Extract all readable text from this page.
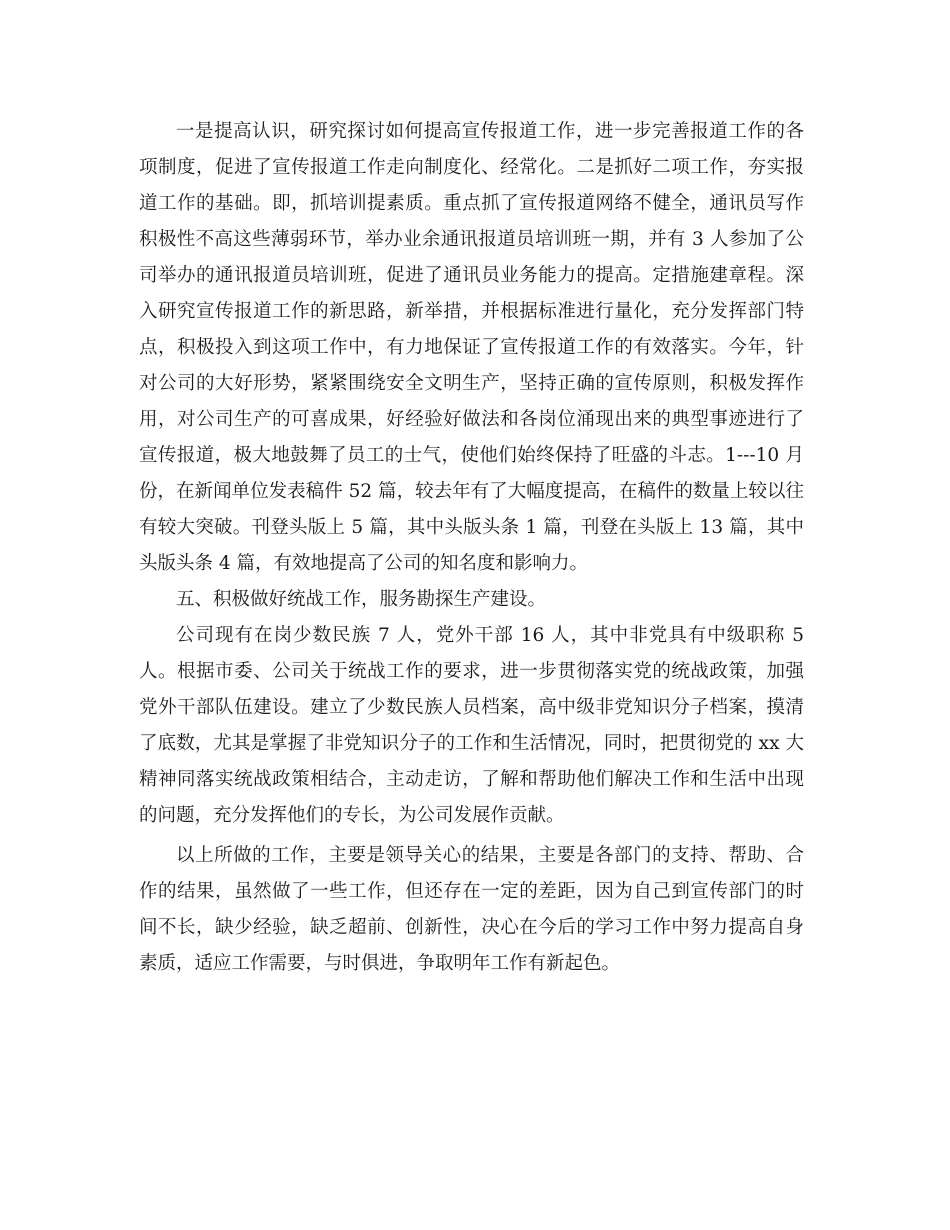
一是提高认识，研究探讨如何提高宣传报道工作，进一步完善报道工作的各项制度，促进了宣传报道工作走向制度化、经常化。二是抓好二项工作，夯实报道工作的基础。即，抓培训提素质。重点抓了宣传报道网络不健全，通讯员写作积极性不高这些薄弱环节，举办业余通讯报道员培训班一期，并有 3 人参加了公司举办的通讯报道员培训班，促进了通讯员业务能力的提高。定措施建章程。深入研究宣传报道工作的新思路，新举措，并根据标准进行量化，充分发挥部门特点，积极投入到这项工作中，有力地保证了宣传报道工作的有效落实。今年，针对公司的大好形势，紧紧围绕安全文明生产，坚持正确的宣传原则，积极发挥作用，对公司生产的可喜成果，好经验好做法和各岗位涌现出来的典型事迹进行了宣传报道，极大地鼓舞了员工的士气，使他们始终保持了旺盛的斗志。1---10 月份，在新闻单位发表稿件 52 篇，较去年有了大幅度提高，在稿件的数量上较以往有较大突破。刊登头版上 5 篇，其中头版头条 1 篇，刊登在头版上 13 篇，其中头版头条 4 篇，有效地提高了公司的知名度和影响力。

五、积极做好统战工作，服务勘探生产建设。

公司现有在岗少数民族 7 人，党外干部 16 人，其中非党具有中级职称 5 人。根据市委、公司关于统战工作的要求，进一步贯彻落实党的统战政策，加强党外干部队伍建设。建立了少数民族人员档案，高中级非党知识分子档案，摸清了底数，尤其是掌握了非党知识分子的工作和生活情况，同时，把贯彻党的 xx 大精神同落实统战政策相结合，主动走访，了解和帮助他们解决工作和生活中出现的问题，充分发挥他们的专长，为公司发展作贡献。

以上所做的工作，主要是领导关心的结果，主要是各部门的支持、帮助、合作的结果，虽然做了一些工作，但还存在一定的差距，因为自己到宣传部门的时间不长，缺少经验，缺乏超前、创新性，决心在今后的学习工作中努力提高自身素质，适应工作需要，与时俱进，争取明年工作有新起色。
